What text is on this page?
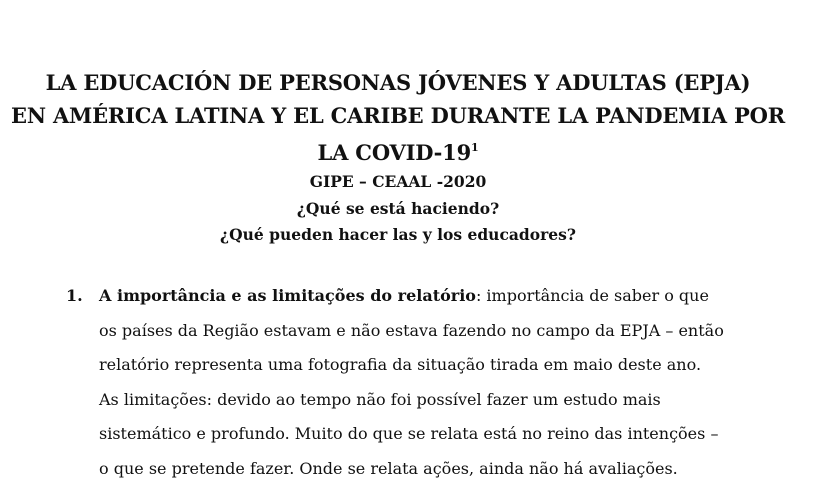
LA EDUCACIÓN DE PERSONAS JÓVENES Y ADULTAS (EPJA)
EN AMÉRICA LATINA Y EL CARIBE DURANTE LA PANDEMIA POR
LA COVID-$19^1$
GIPE – CEAAL -2020
¿Qué se está haciendo?
¿Qué pueden hacer las y los educadores?
1. A importância e as limitações do relatório: importância de saber o que
os países da Região estavam e não estava fazendo no campo da EPJA – então
relatório representa uma fotografia da situação tirada em maio deste ano.
As limitações: devido ao tempo não foi possível fazer um estudo mais
sistemático e profundo. Muito do que se relata está no reino das intenções –
o que se pretende fazer. Onde se relata ações, ainda não há avaliações.
